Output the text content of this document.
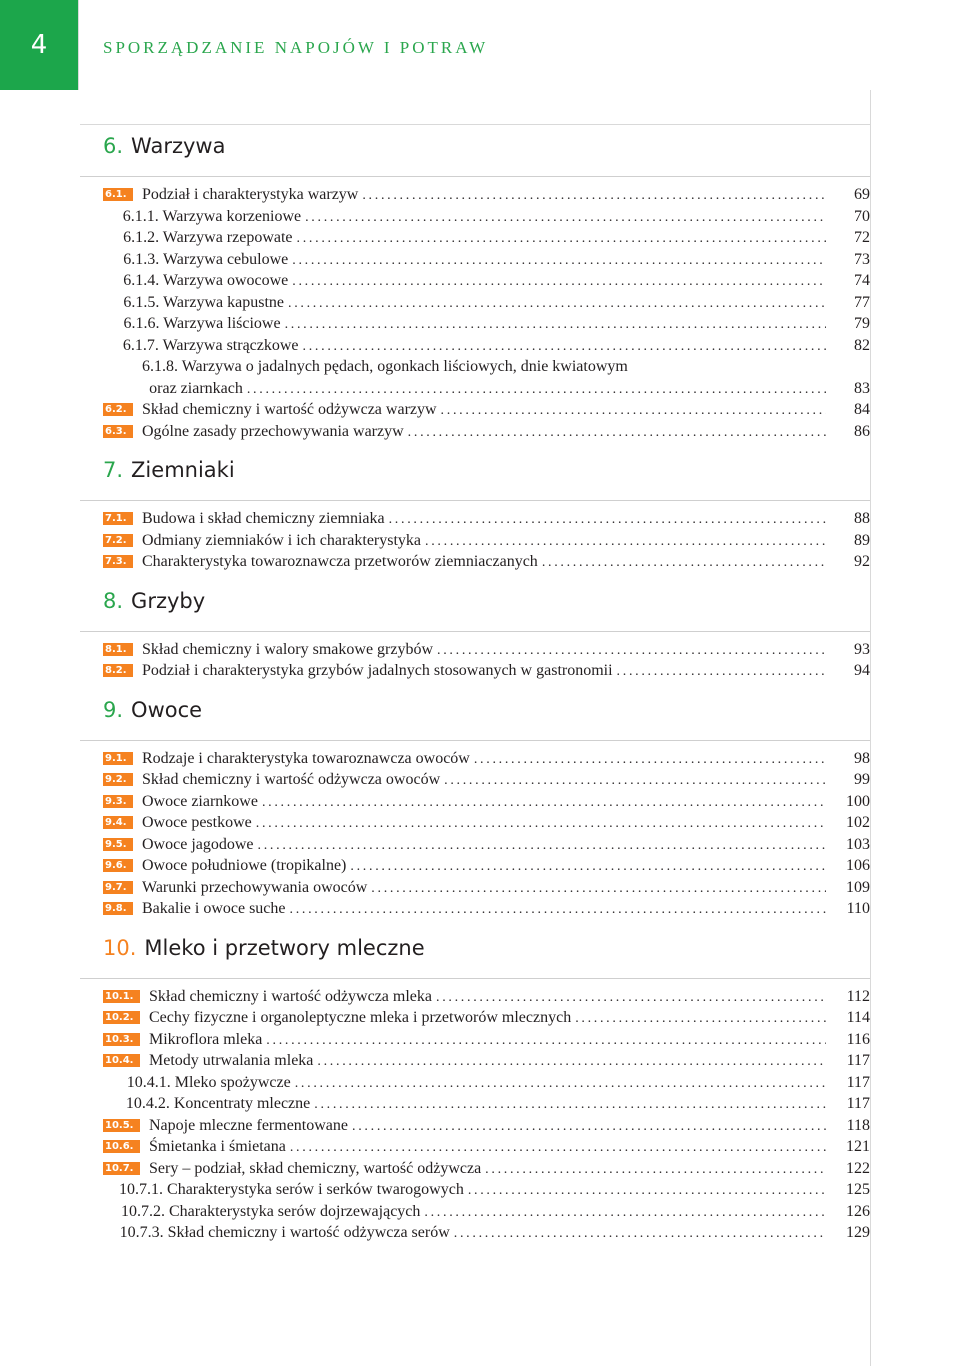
4	SPORZĄDZANIE NAPOJÓW I POTRAW
6. Warzywa
6.1. Podział i charakterystyka warzyw .....	69
6.1.1. Warzywa korzeniowe .....	70
6.1.2. Warzywa rzepowate .....	72
6.1.3. Warzywa cebulowe .....	73
6.1.4. Warzywa owocowe .....	74
6.1.5. Warzywa kapustne .....	77
6.1.6. Warzywa liściowe .....	79
6.1.7. Warzywa strączkowe .....	82
6.1.8. Warzywa o jadalnych pędach, ogonkach liściowych, dnie kwiatowym
oraz ziarnkach .....	83
6.2. Skład chemiczny i wartość odżywcza warzyw .....	84
6.3. Ogólne zasady przechowywania warzyw .....	86
7. Ziemniaki
7.1. Budowa i skład chemiczny ziemniaka .....	88
7.2. Odmiany ziemniaków i ich charakterystyka .....	89
7.3. Charakterystyka towaroznawcza przetworów ziemniaczanych .....	92
8. Grzyby
8.1. Skład chemiczny i walory smakowe grzybów .....	93
8.2. Podział i charakterystyka grzybów jadalnych stosowanych w gastronomii .....	94
9. Owoce
9.1. Rodzaje i charakterystyka towaroznawcza owoców .....	98
9.2. Skład chemiczny i wartość odżywcza owoców .....	99
9.3. Owoce ziarnkowe .....	100
9.4. Owoce pestkowe .....	102
9.5. Owoce jagodowe .....	103
9.6. Owoce południowe (tropikalne) .....	106
9.7. Warunki przechowywania owoców .....	109
9.8. Bakalie i owoce suche .....	110
10. Mleko i przetwory mleczne
10.1. Skład chemiczny i wartość odżywcza mleka .....	112
10.2. Cechy fizyczne i organoleptyczne mleka i przetworów mlecznych .....	114
10.3. Mikroflora mleka .....	116
10.4. Metody utrwalania mleka .....	117
10.4.1. Mleko spożywcze .....	117
10.4.2. Koncentraty mleczne .....	117
10.5. Napoje mleczne fermentowane .....	118
10.6. Śmietanka i śmietana .....	121
10.7. Sery – podział, skład chemiczny, wartość odżywcza .....	122
10.7.1. Charakterystyka serów i serków twarogowych .....	125
10.7.2. Charakterystyka serów dojrzewających .....	126
10.7.3. Skład chemiczny i wartość odżywcza serów .....	129
